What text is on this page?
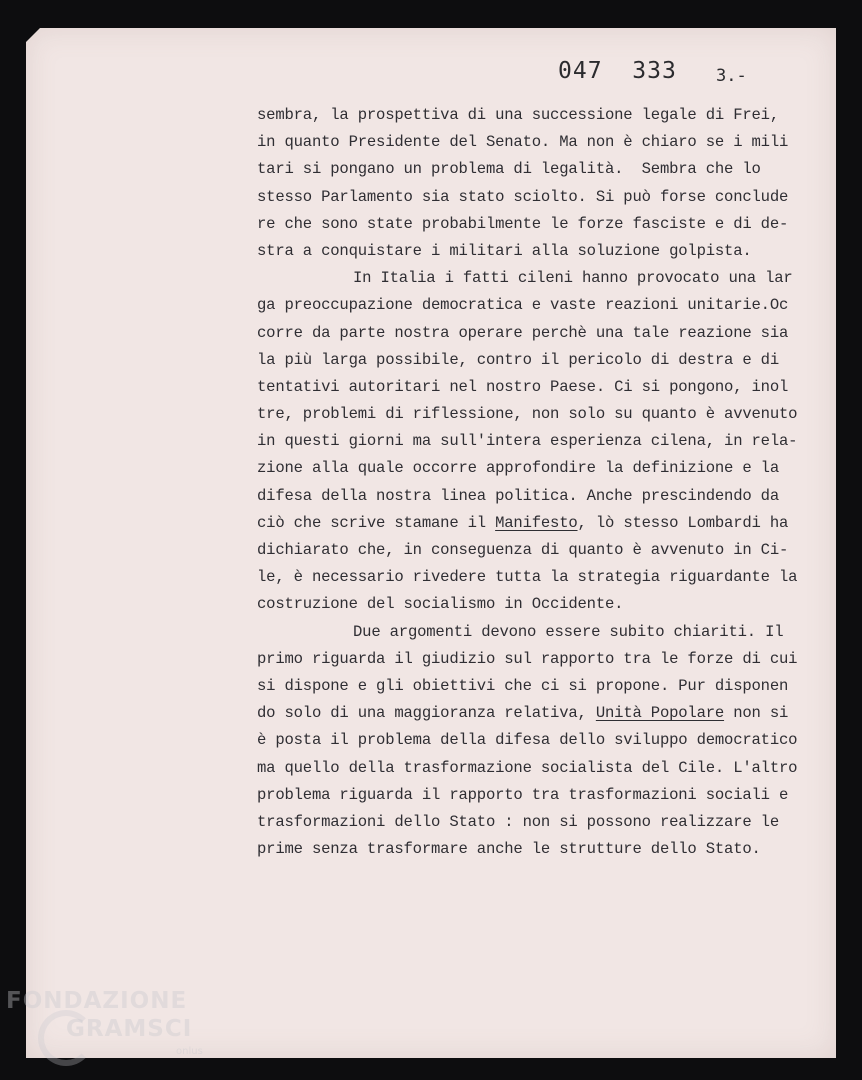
047 333 3.-
sembra, la prospettiva di una successione legale di Frei,
in quanto Presidente del Senato. Ma non è chiaro se i mili
tari si pongano un problema di legalità.  Sembra che lo
stesso Parlamento sia stato sciolto. Si può forse conclude
re che sono state probabilmente le forze fasciste e di de-
stra a conquistare i militari alla soluzione golpista.
In Italia i fatti cileni hanno provocato una lar
ga preoccupazione democratica e vaste reazioni unitarie.Oc
corre da parte nostra operare perchè una tale reazione sia
la più larga possibile, contro il pericolo di destra e di
tentativi autoritari nel nostro Paese. Ci si pongono, inol
tre, problemi di riflessione, non solo su quanto è avvenuto
in questi giorni ma sull'intera esperienza cilena, in rela-
zione alla quale occorre approfondire la definizione e la
difesa della nostra linea politica. Anche prescindendo da
ciò che scrive stamane il Manifesto, lò stesso Lombardi ha
dichiarato che, in conseguenza di quanto è avvenuto in Ci-
le, è necessario rivedere tutta la strategia riguardante la
costruzione del socialismo in Occidente.
Due argomenti devono essere subito chiariti. Il
primo riguarda il giudizio sul rapporto tra le forze di cui
si dispone e gli obiettivi che ci si propone. Pur disponen
do solo di una maggioranza relativa, Unità Popolare non si
è posta il problema della difesa dello sviluppo democratico
ma quello della trasformazione socialista del Cile. L'altro
problema riguarda il rapporto tra trasformazioni sociali e
trasformazioni dello Stato : non si possono realizzare le
prime senza trasformare anche le strutture dello Stato.
FONDAZIONE
GRAMSCI
onlus
